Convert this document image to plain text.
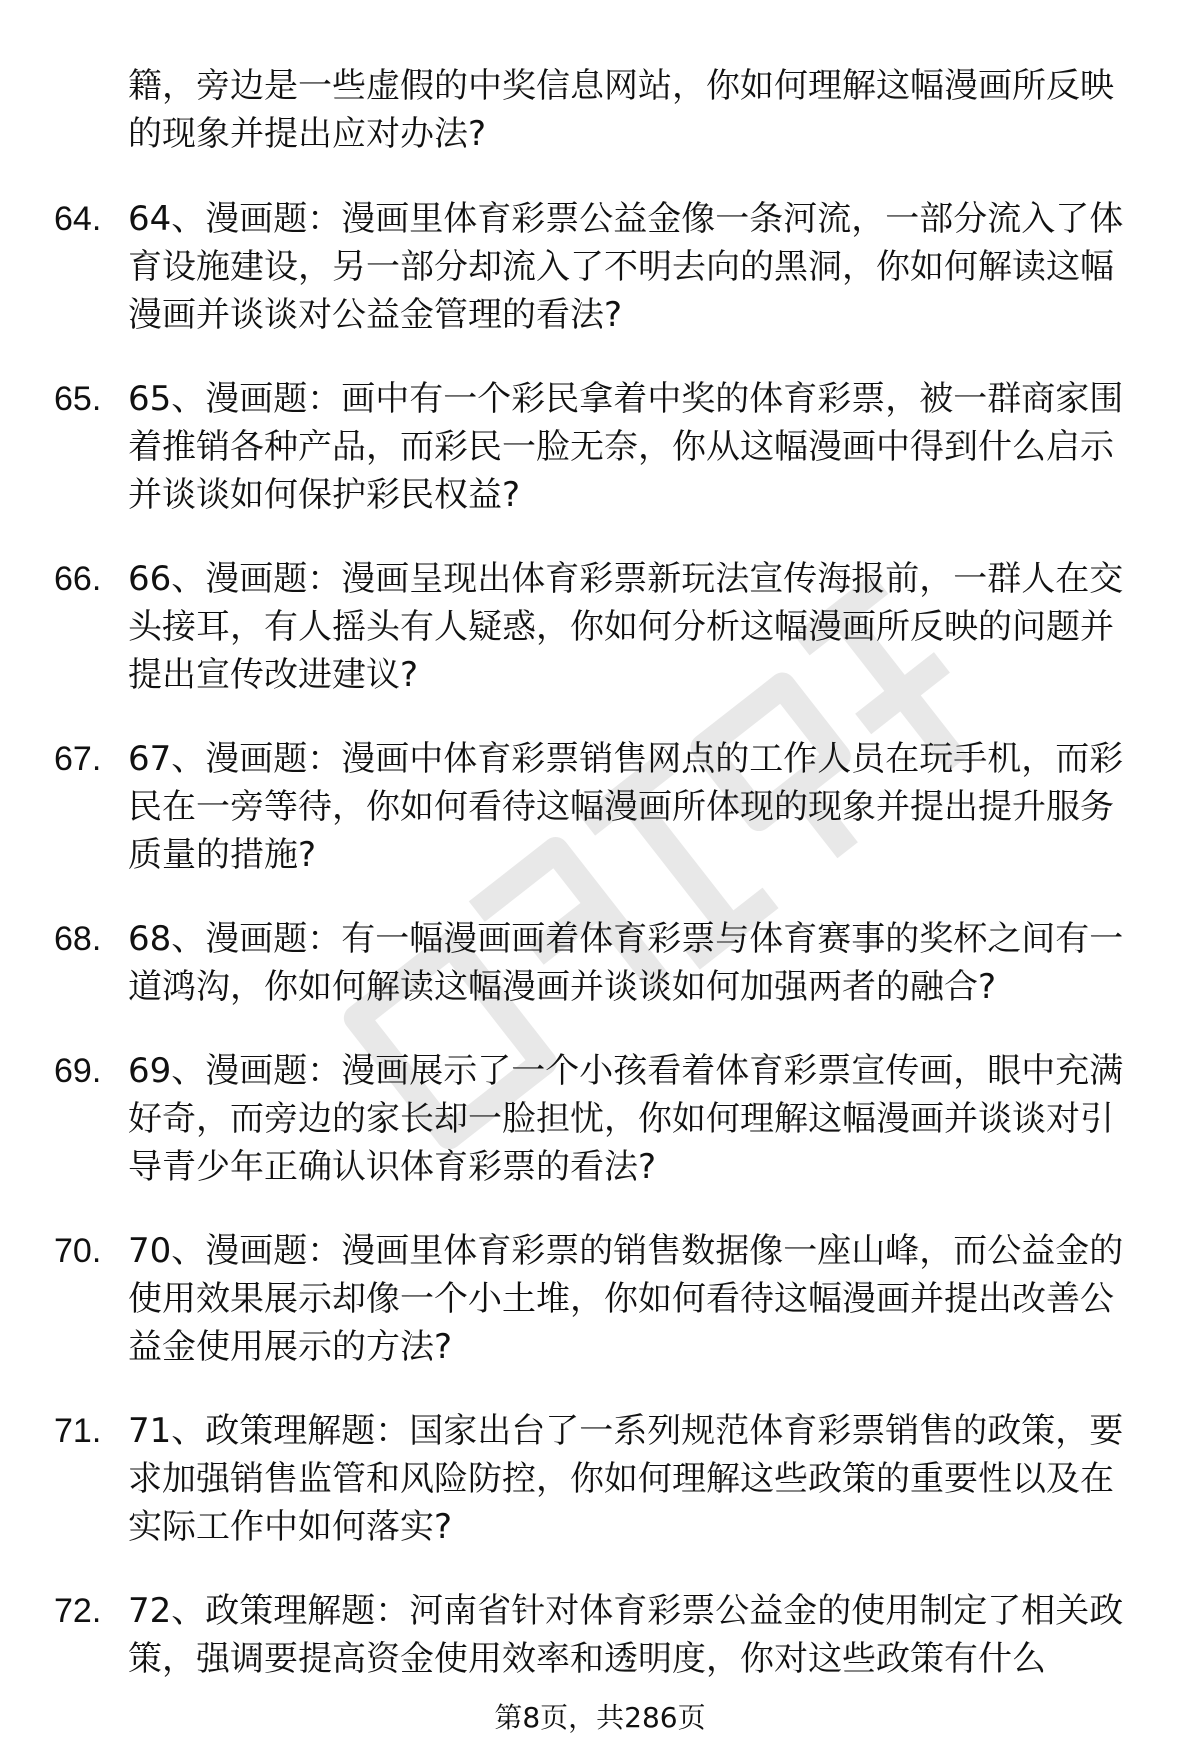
籍，旁边是一些虚假的中奖信息网站，你如何理解这幅漫画所反映的现象并提出应对办法?

64. 64、漫画题：漫画里体育彩票公益金像一条河流，一部分流入了体育设施建设，另一部分却流入了不明去向的黑洞，你如何解读这幅漫画并谈谈对公益金管理的看法?
65. 65、漫画题：画中有一个彩民拿着中奖的体育彩票，被一群商家围着推销各种产品，而彩民一脸无奈，你从这幅漫画中得到什么启示并谈谈如何保护彩民权益?
66. 66、漫画题：漫画呈现出体育彩票新玩法宣传海报前，一群人在交头接耳，有人摇头有人疑惑，你如何分析这幅漫画所反映的问题并提出宣传改进建议?
67. 67、漫画题：漫画中体育彩票销售网点的工作人员在玩手机，而彩民在一旁等待，你如何看待这幅漫画所体现的现象并提出提升服务质量的措施?
68. 68、漫画题：有一幅漫画画着体育彩票与体育赛事的奖杯之间有一道鸿沟，你如何解读这幅漫画并谈谈如何加强两者的融合?
69. 69、漫画题：漫画展示了一个小孩看着体育彩票宣传画，眼中充满好奇，而旁边的家长却一脸担忧，你如何理解这幅漫画并谈谈对引导青少年正确认识体育彩票的看法?
70. 70、漫画题：漫画里体育彩票的销售数据像一座山峰，而公益金的使用效果展示却像一个小土堆，你如何看待这幅漫画并提出改善公益金使用展示的方法?
71. 71、政策理解题：国家出台了一系列规范体育彩票销售的政策，要求加强销售监管和风险防控，你如何理解这些政策的重要性以及在实际工作中如何落实?
72. 72、政策理解题：河南省针对体育彩票公益金的使用制定了相关政策，强调要提高资金使用效率和透明度，你对这些政策有什么
第8页，共286页
